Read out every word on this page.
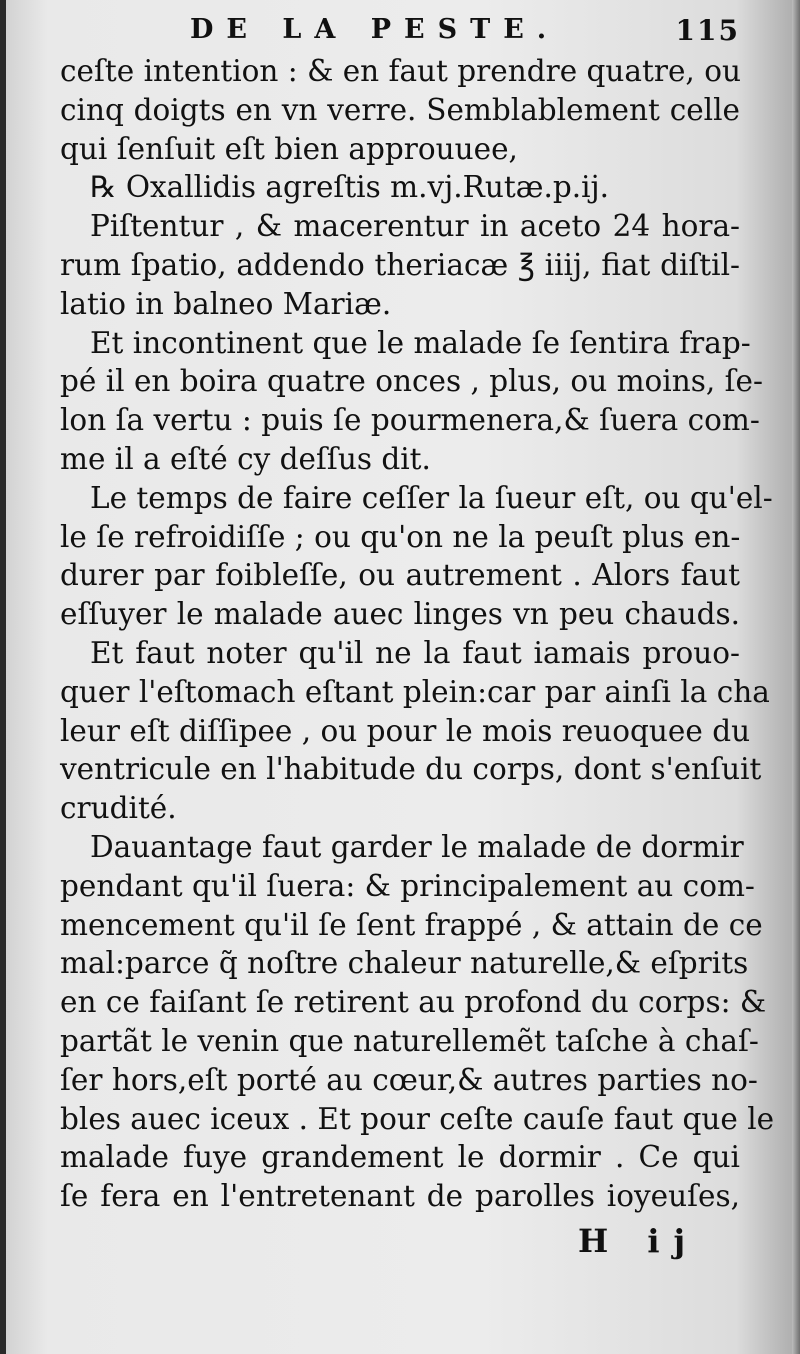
DE LA PESTE.	115
ceſte intention : & en faut prendre quatre, ou
cinq doigts en vn verre. Semblablement celle
qui ſenſuit eſt bien approuuee,
℞ Oxallidis agreſtis m.vj.Rutæ.p.ij.
Piſtentur , & macerentur in aceto 24 hora-
rum ſpatio, addendo theriacæ ℥ iiij, fiat diſtil-
latio in balneo Mariæ.
Et incontinent que le malade ſe ſentira frap-
pé il en boira quatre onces , plus, ou moins, ſe-
lon ſa vertu : puis ſe pourmenera,& ſuera com-
me il a eſté cy deſſus dit.
Le temps de faire ceſſer la ſueur eſt, ou qu'el-
le ſe refroidiſſe ; ou qu'on ne la peuſt plus en-
durer par foibleſſe, ou autrement . Alors faut
eſſuyer le malade auec linges vn peu chauds.
Et faut noter qu'il ne la faut iamais prouo-
quer l'eſtomach eſtant plein:car par ainſi la cha
leur eſt diſſipee , ou pour le mois reuoquee du
ventricule en l'habitude du corps, dont s'enſuit
crudité.
Dauantage faut garder le malade de dormir
pendant qu'il ſuera: & principalement au com-
mencement qu'il ſe ſent frappé , & attain de ce
mal:parce q̃ noſtre chaleur naturelle,& eſprits
en ce faiſant ſe retirent au profond du corps: &
partãt le venin que naturellemẽt taſche à chaſ-
ſer hors,eſt porté au cœur,& autres parties no-
bles auec iceux . Et pour ceſte cauſe faut que le
malade fuye grandement le dormir . Ce qui
ſe fera en l'entretenant de parolles ioyeuſes,
H ij
